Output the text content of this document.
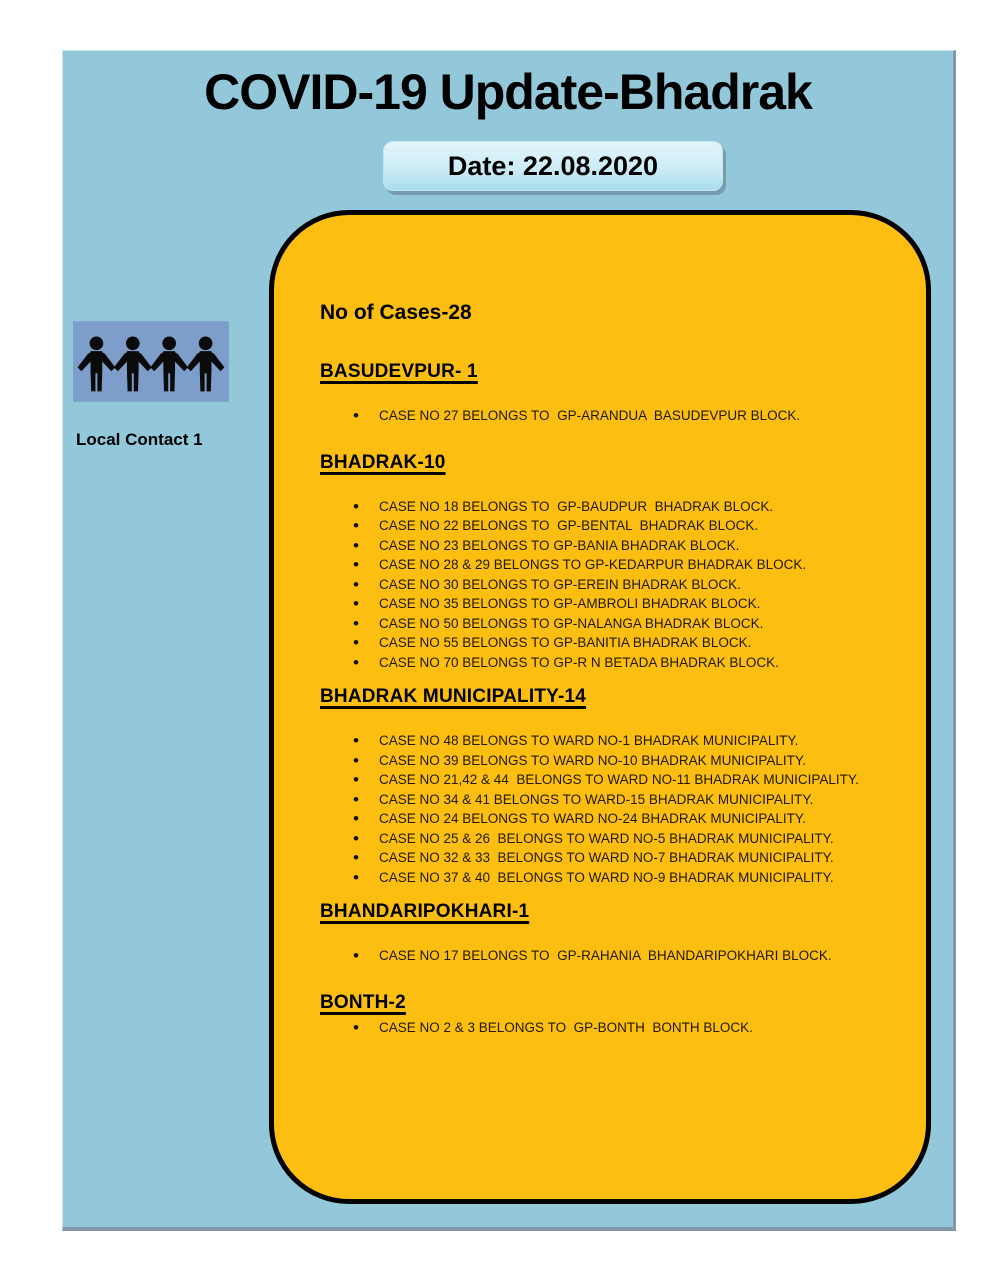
COVID-19 Update-Bhadrak
Date: 22.08.2020
Local Contact 1
No of Cases-28
BASUDEVPUR- 1
• CASE NO 27 BELONGS TO  GP-ARANDUA  BASUDEVPUR BLOCK.
BHADRAK-10
• CASE NO 18 BELONGS TO  GP-BAUDPUR  BHADRAK BLOCK.
• CASE NO 22 BELONGS TO  GP-BENTAL  BHADRAK BLOCK.
• CASE NO 23 BELONGS TO GP-BANIA BHADRAK BLOCK.
• CASE NO 28 & 29 BELONGS TO GP-KEDARPUR BHADRAK BLOCK.
• CASE NO 30 BELONGS TO GP-EREIN BHADRAK BLOCK.
• CASE NO 35 BELONGS TO GP-AMBROLI BHADRAK BLOCK.
• CASE NO 50 BELONGS TO GP-NALANGA BHADRAK BLOCK.
• CASE NO 55 BELONGS TO GP-BANITIA BHADRAK BLOCK.
• CASE NO 70 BELONGS TO GP-R N BETADA BHADRAK BLOCK.
BHADRAK MUNICIPALITY-14
• CASE NO 48 BELONGS TO WARD NO-1 BHADRAK MUNICIPALITY.
• CASE NO 39 BELONGS TO WARD NO-10 BHADRAK MUNICIPALITY.
• CASE NO 21,42 & 44  BELONGS TO WARD NO-11 BHADRAK MUNICIPALITY.
• CASE NO 34 & 41 BELONGS TO WARD-15 BHADRAK MUNICIPALITY.
• CASE NO 24 BELONGS TO WARD NO-24 BHADRAK MUNICIPALITY.
• CASE NO 25 & 26  BELONGS TO WARD NO-5 BHADRAK MUNICIPALITY.
• CASE NO 32 & 33  BELONGS TO WARD NO-7 BHADRAK MUNICIPALITY.
• CASE NO 37 & 40  BELONGS TO WARD NO-9 BHADRAK MUNICIPALITY.
BHANDARIPOKHARI-1
• CASE NO 17 BELONGS TO  GP-RAHANIA  BHANDARIPOKHARI BLOCK.
BONTH-2
• CASE NO 2 & 3 BELONGS TO  GP-BONTH  BONTH BLOCK.
